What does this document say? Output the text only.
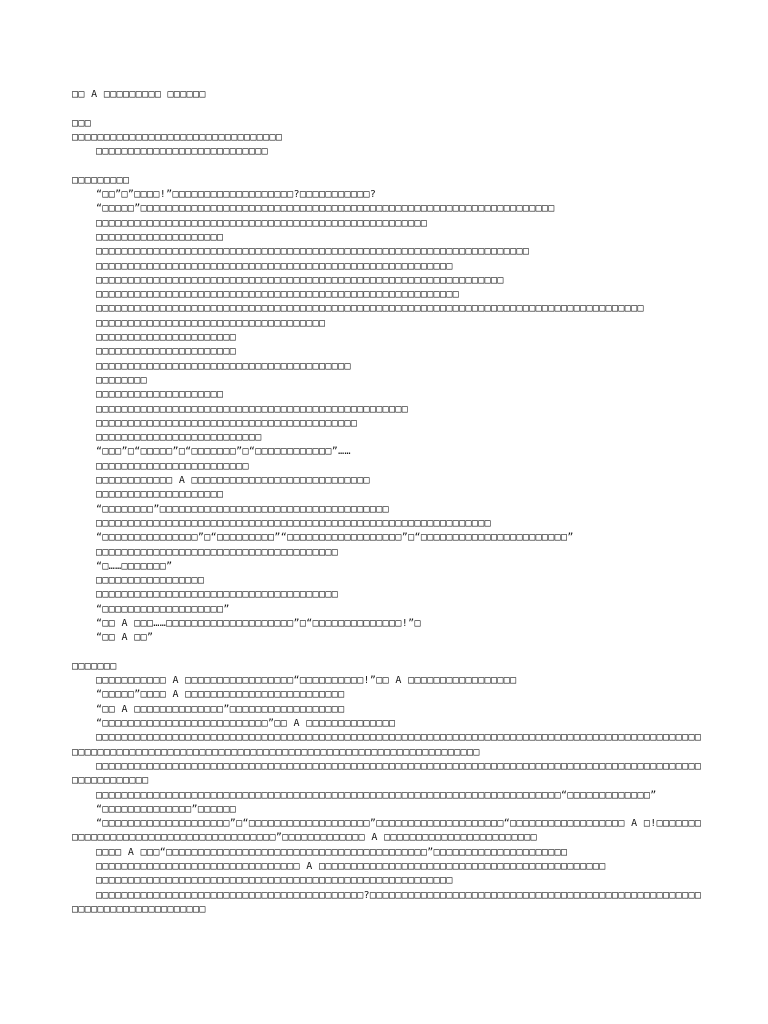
□□ A □□□□□□□□□ □□□□□□
□□□
□□□□□□□□□□□□□□□□□□□□□□□□□□□□□□□□□
□□□□□□□□□□□□□□□□□□□□□□□□□□□
□□□□□□□□□
“□□”□”□□□□!”□□□□□□□□□□□□□□□□□□□?□□□□□□□□□□□?
“□□□□□”□□□□□□□□□□□□□□□□□□□□□□□□□□□□□□□□□□□□□□□□□□□□□□□□□□□□□□□□□□□□□□□□□
□□□□□□□□□□□□□□□□□□□□□□□□□□□□□□□□□□□□□□□□□□□□□□□□□□□□
□□□□□□□□□□□□□□□□□□□□
□□□□□□□□□□□□□□□□□□□□□□□□□□□□□□□□□□□□□□□□□□□□□□□□□□□□□□□□□□□□□□□□□□□□
□□□□□□□□□□□□□□□□□□□□□□□□□□□□□□□□□□□□□□□□□□□□□□□□□□□□□□□□
□□□□□□□□□□□□□□□□□□□□□□□□□□□□□□□□□□□□□□□□□□□□□□□□□□□□□□□□□□□□□□□□
□□□□□□□□□□□□□□□□□□□□□□□□□□□□□□□□□□□□□□□□□□□□□□□□□□□□□□□□□
□□□□□□□□□□□□□□□□□□□□□□□□□□□□□□□□□□□□□□□□□□□□□□□□□□□□□□□□□□□□□□□□□□□□□□□□□□□□□□□□□□□□□□
□□□□□□□□□□□□□□□□□□□□□□□□□□□□□□□□□□□□
□□□□□□□□□□□□□□□□□□□□□□
□□□□□□□□□□□□□□□□□□□□□□
□□□□□□□□□□□□□□□□□□□□□□□□□□□□□□□□□□□□□□□□
□□□□□□□□
□□□□□□□□□□□□□□□□□□□□
□□□□□□□□□□□□□□□□□□□□□□□□□□□□□□□□□□□□□□□□□□□□□□□□□
□□□□□□□□□□□□□□□□□□□□□□□□□□□□□□□□□□□□□□□□□
□□□□□□□□□□□□□□□□□□□□□□□□□□
“□□□”□“□□□□□”□“□□□□□□□”□“□□□□□□□□□□□□”……
□□□□□□□□□□□□□□□□□□□□□□□□
□□□□□□□□□□□□ A □□□□□□□□□□□□□□□□□□□□□□□□□□□□
□□□□□□□□□□□□□□□□□□□□
“□□□□□□□□”□□□□□□□□□□□□□□□□□□□□□□□□□□□□□□□□□□□□
□□□□□□□□□□□□□□□□□□□□□□□□□□□□□□□□□□□□□□□□□□□□□□□□□□□□□□□□□□□□□□
“□□□□□□□□□□□□□□□”□“□□□□□□□□□”“□□□□□□□□□□□□□□□□□□”□“□□□□□□□□□□□□□□□□□□□□□□□”
□□□□□□□□□□□□□□□□□□□□□□□□□□□□□□□□□□□□□□
“□……□□□□□□□”
□□□□□□□□□□□□□□□□□
□□□□□□□□□□□□□□□□□□□□□□□□□□□□□□□□□□□□□□
“□□□□□□□□□□□□□□□□□□□”
“□□ A □□□……□□□□□□□□□□□□□□□□□□□□”□“□□□□□□□□□□□□□□!”□
“□□ A □□”
□□□□□□□
□□□□□□□□□□□ A □□□□□□□□□□□□□□□□□“□□□□□□□□□□!”□□ A □□□□□□□□□□□□□□□□□
“□□□□□”□□□□ A □□□□□□□□□□□□□□□□□□□□□□□□□
“□□ A □□□□□□□□□□□□□□”□□□□□□□□□□□□□□□□□□
“□□□□□□□□□□□□□□□□□□□□□□□□□□”□□ A □□□□□□□□□□□□□□
□□□□□□□□□□□□□□□□□□□□□□□□□□□□□□□□□□□□□□□□□□□□□□□□□□□□□□□□□□□□□□□□□□□□□□□□□□□□□□□□□□□□□□□□□□□□□□□□□□□□□□□□□□□□□□□□□□□□□□□□□□□□□□□□□□□□□□□□□□□□□□□□□□□□□□□□□□□□□□□
□□□□□□□□□□□□□□□□□□□□□□□□□□□□□□□□□□□□□□□□□□□□□□□□□□□□□□□□□□□□□□□□□□□□□□□□□□□□□□□□□□□□□□□□□□□□□□□□□□□□□□□□□□□
□□□□□□□□□□□□□□□□□□□□□□□□□□□□□□□□□□□□□□□□□□□□□□□□□□□□□□□□□□□□□□□□□□□□□□□□□“□□□□□□□□□□□□□”
“□□□□□□□□□□□□□□”□□□□□□
“□□□□□□□□□□□□□□□□□□□□”□“□□□□□□□□□□□□□□□□□□□”□□□□□□□□□□□□□□□□□□□□“□□□□□□□□□□□□□□□□□□ A □!□□□□□□□□□□□□□□□□□□□□□□□□□□□□□□□□□□□□□□□”□□□□□□□□□□□□□ A □□□□□□□□□□□□□□□□□□□□□□□□
□□□□ A □□□“□□□□□□□□□□□□□□□□□□□□□□□□□□□□□□□□□□□□□□□□□”□□□□□□□□□□□□□□□□□□□□□
□□□□□□□□□□□□□□□□□□□□□□□□□□□□□□□□ A □□□□□□□□□□□□□□□□□□□□□□□□□□□□□□□□□□□□□□□□□□□□□
□□□□□□□□□□□□□□□□□□□□□□□□□□□□□□□□□□□□□□□□□□□□□□□□□□□□□□□□
□□□□□□□□□□□□□□□□□□□□□□□□□□□□□□□□□□□□□□□□□□?□□□□□□□□□□□□□□□□□□□□□□□□□□□□□□□□□□□□□□□□□□□□□□□□□□□□□□□□□□□□□□□□□□□□□□□□□
